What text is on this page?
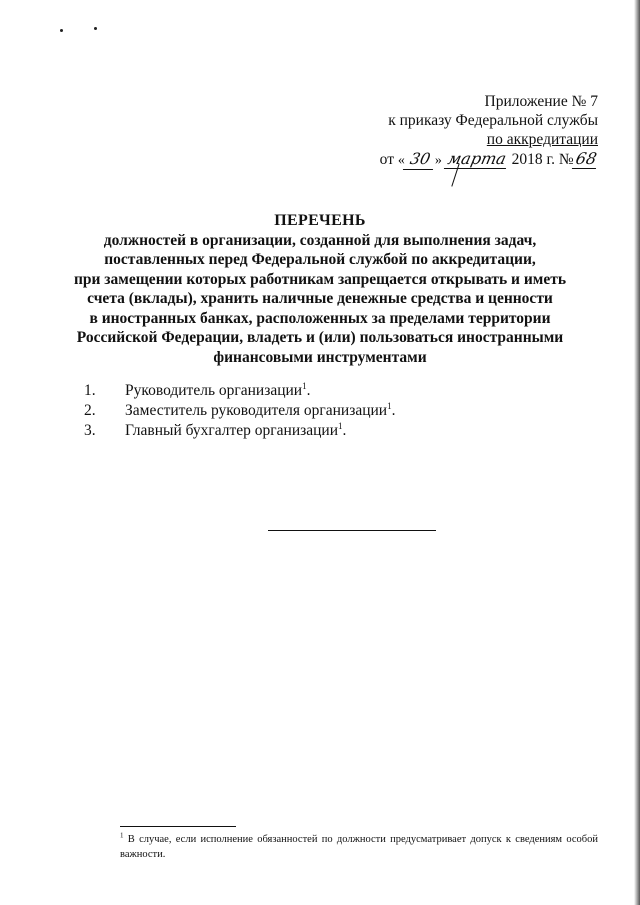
Приложение № 7
к приказу Федеральной службы
по аккредитации
от « 30 » марта 2018 г. №68
ПЕРЕЧЕНЬ
должностей в организации, созданной для выполнения задач,
поставленных перед Федеральной службой по аккредитации,
при замещении которых работникам запрещается открывать и иметь
счета (вклады), хранить наличные денежные средства и ценности
в иностранных банках, расположенных за пределами территории
Российской Федерации, владеть и (или) пользоваться иностранными
финансовыми инструментами
1.	Руководитель организации$^1$.
2.	Заместитель руководителя организации$^1$.
3.	Главный бухгалтер организации$^1$.
$^1$ В случае, если исполнение обязанностей по должности предусматривает допуск к сведениям особой важности.
